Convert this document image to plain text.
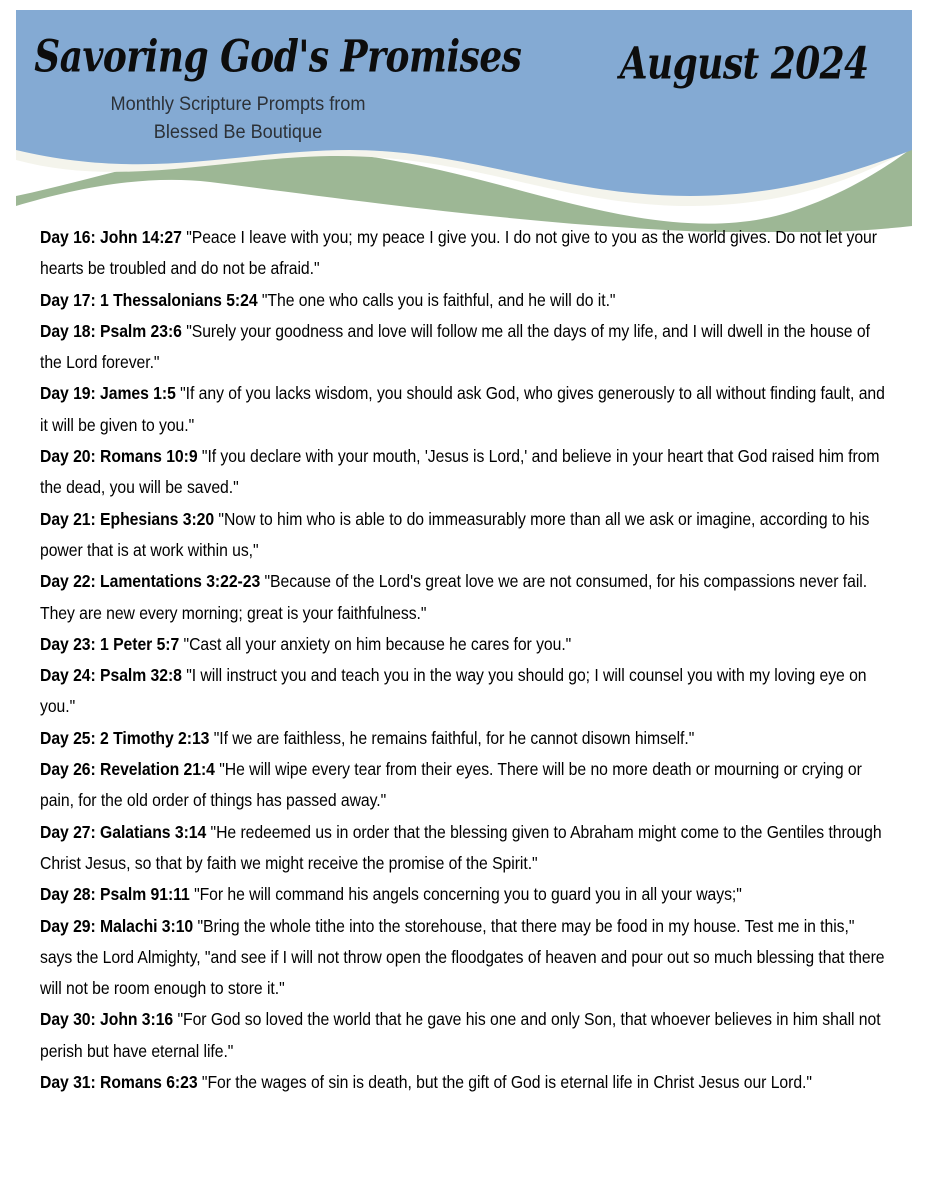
Savoring God's Promises
Monthly Scripture Prompts from
Blessed Be Boutique
August 2024

Day 16: John 14:27 "Peace I leave with you; my peace I give you. I do not give to you as the world gives. Do not let your hearts be troubled and do not be afraid."

Day 17: 1 Thessalonians 5:24 "The one who calls you is faithful, and he will do it."

Day 18: Psalm 23:6 "Surely your goodness and love will follow me all the days of my life, and I will dwell in the house of the Lord forever."

Day 19: James 1:5 "If any of you lacks wisdom, you should ask God, who gives generously to all without finding fault, and it will be given to you."

Day 20: Romans 10:9 "If you declare with your mouth, 'Jesus is Lord,' and believe in your heart that God raised him from the dead, you will be saved."

Day 21: Ephesians 3:20 "Now to him who is able to do immeasurably more than all we ask or imagine, according to his power that is at work within us,"

Day 22: Lamentations 3:22-23 "Because of the Lord's great love we are not consumed, for his compassions never fail. They are new every morning; great is your faithfulness."

Day 23: 1 Peter 5:7 "Cast all your anxiety on him because he cares for you."

Day 24: Psalm 32:8 "I will instruct you and teach you in the way you should go; I will counsel you with my loving eye on you."

Day 25: 2 Timothy 2:13 "If we are faithless, he remains faithful, for he cannot disown himself."

Day 26: Revelation 21:4 "He will wipe every tear from their eyes. There will be no more death or mourning or crying or pain, for the old order of things has passed away."

Day 27: Galatians 3:14 "He redeemed us in order that the blessing given to Abraham might come to the Gentiles through Christ Jesus, so that by faith we might receive the promise of the Spirit."

Day 28: Psalm 91:11 "For he will command his angels concerning you to guard you in all your ways;"

Day 29: Malachi 3:10 "Bring the whole tithe into the storehouse, that there may be food in my house. Test me in this," says the Lord Almighty, "and see if I will not throw open the floodgates of heaven and pour out so much blessing that there will not be room enough to store it."

Day 30: John 3:16 "For God so loved the world that he gave his one and only Son, that whoever believes in him shall not perish but have eternal life."

Day 31: Romans 6:23 "For the wages of sin is death, but the gift of God is eternal life in Christ Jesus our Lord."
